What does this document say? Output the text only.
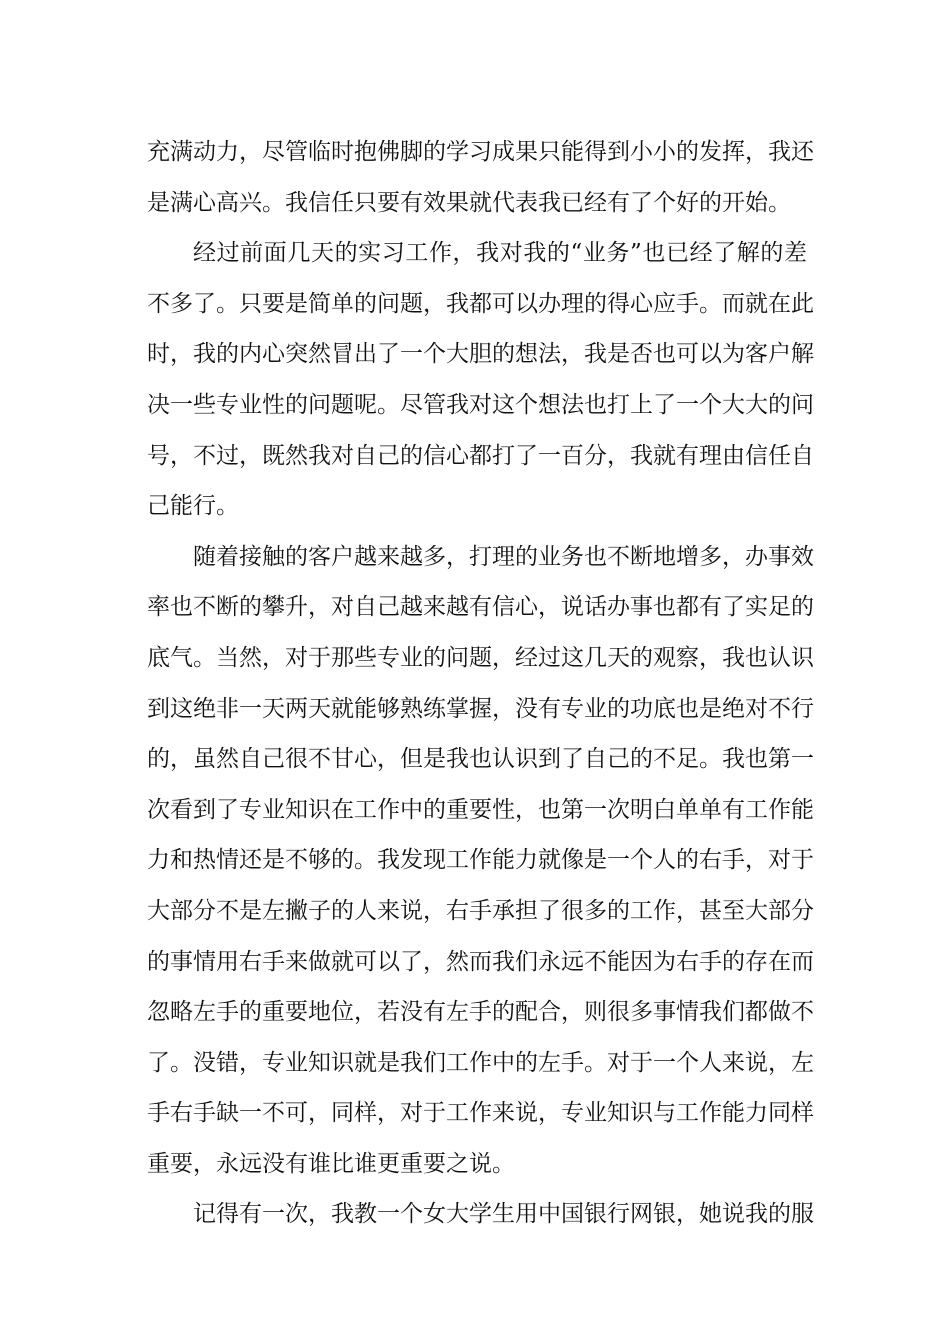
充满动力，尽管临时抱佛脚的学习成果只能得到小小的发挥，我还
是满心高兴。我信任只要有效果就代表我已经有了个好的开始。
经过前面几天的实习工作，我对我的“业务”也已经了解的差
不多了。只要是简单的问题，我都可以办理的得心应手。而就在此
时，我的内心突然冒出了一个大胆的想法，我是否也可以为客户解
决一些专业性的问题呢。尽管我对这个想法也打上了一个大大的问
号，不过，既然我对自己的信心都打了一百分，我就有理由信任自
己能行。
随着接触的客户越来越多，打理的业务也不断地增多，办事效
率也不断的攀升，对自己越来越有信心，说话办事也都有了实足的
底气。当然，对于那些专业的问题，经过这几天的观察，我也认识
到这绝非一天两天就能够熟练掌握，没有专业的功底也是绝对不行
的，虽然自己很不甘心，但是我也认识到了自己的不足。我也第一
次看到了专业知识在工作中的重要性，也第一次明白单单有工作能
力和热情还是不够的。我发现工作能力就像是一个人的右手，对于
大部分不是左撇子的人来说，右手承担了很多的工作，甚至大部分
的事情用右手来做就可以了，然而我们永远不能因为右手的存在而
忽略左手的重要地位，若没有左手的配合，则很多事情我们都做不
了。没错，专业知识就是我们工作中的左手。对于一个人来说，左
手右手缺一不可，同样，对于工作来说，专业知识与工作能力同样
重要，永远没有谁比谁更重要之说。
记得有一次，我教一个女大学生用中国银行网银，她说我的服
